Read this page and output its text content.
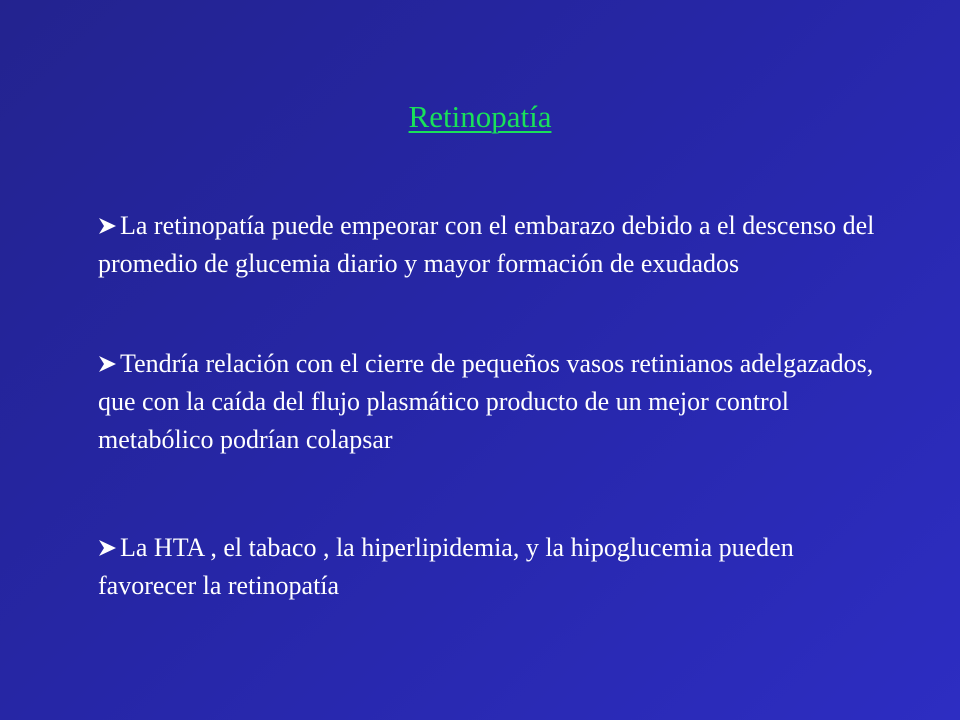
Retinopatía

La retinopatía puede empeorar con el embarazo debido a el descenso del promedio de glucemia diario y mayor formación de exudados

Tendría relación con el cierre de pequeños vasos retinianos adelgazados, que con la caída del flujo plasmático producto de un mejor control metabólico podrían colapsar

La HTA , el tabaco , la hiperlipidemia, y la hipoglucemia pueden favorecer la retinopatía
